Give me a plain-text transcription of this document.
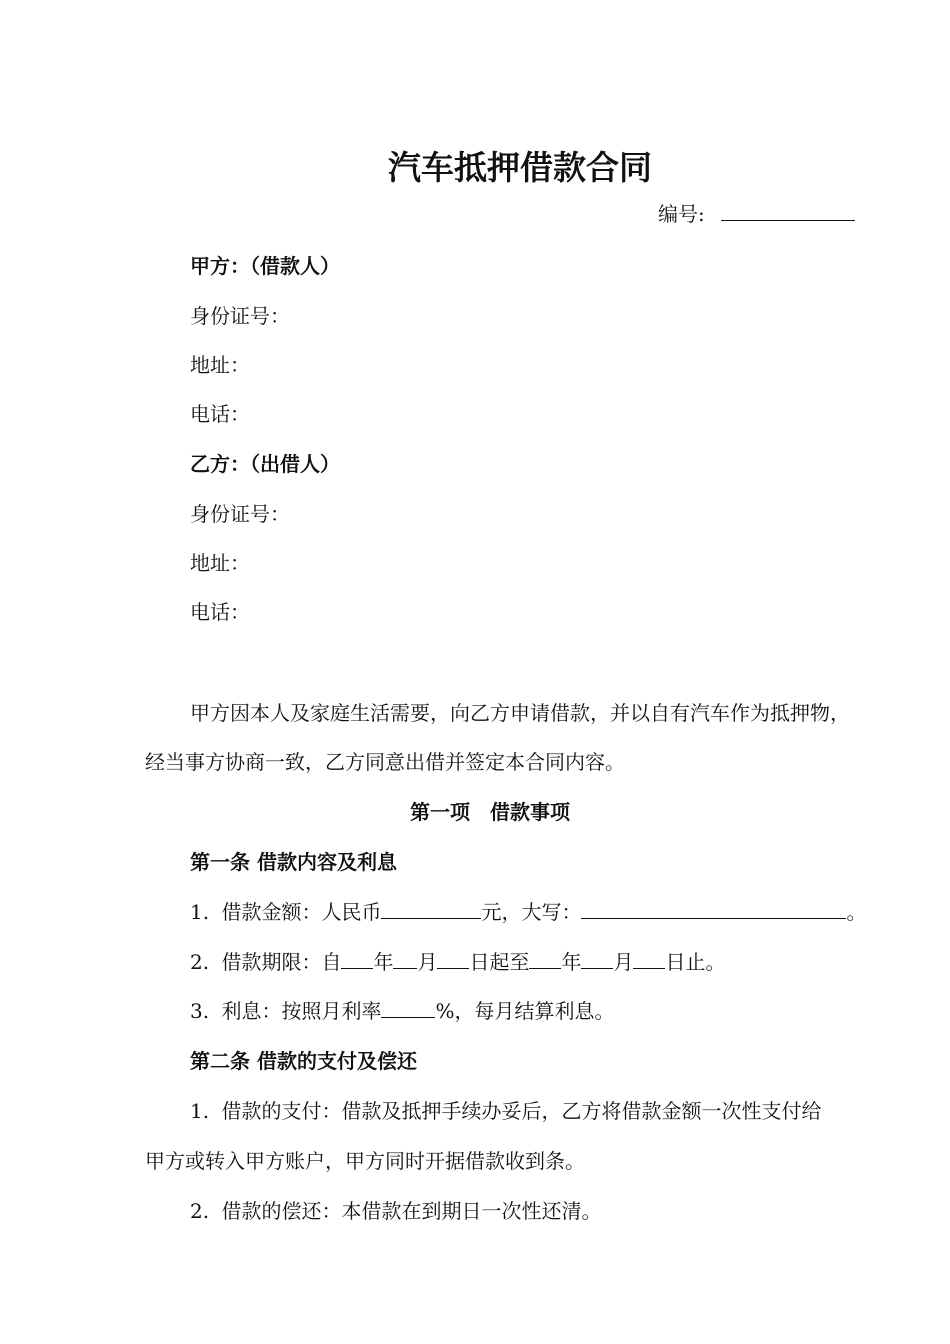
汽车抵押借款合同
编号:
甲方：（借款人）
身份证号：
地址：
电话：
乙方：（出借人）
身份证号：
地址：
电话：
甲方因本人及家庭生活需要，向乙方申请借款，并以自有汽车作为抵押物，
经当事方协商一致，乙方同意出借并签定本合同内容。
第一项　借款事项
第一条 借款内容及利息
1. 借款金额：人民币	元，大写：	。
2. 借款期限：自 年 月 日起至 年 月 日止。
3. 利息：按照月利率	%，每月结算利息。
第二条 借款的支付及偿还
1. 借款的支付：借款及抵押手续办妥后，乙方将借款金额一次性支付给
甲方或转入甲方账户，甲方同时开据借款收到条。
2. 借款的偿还：本借款在到期日一次性还清。
